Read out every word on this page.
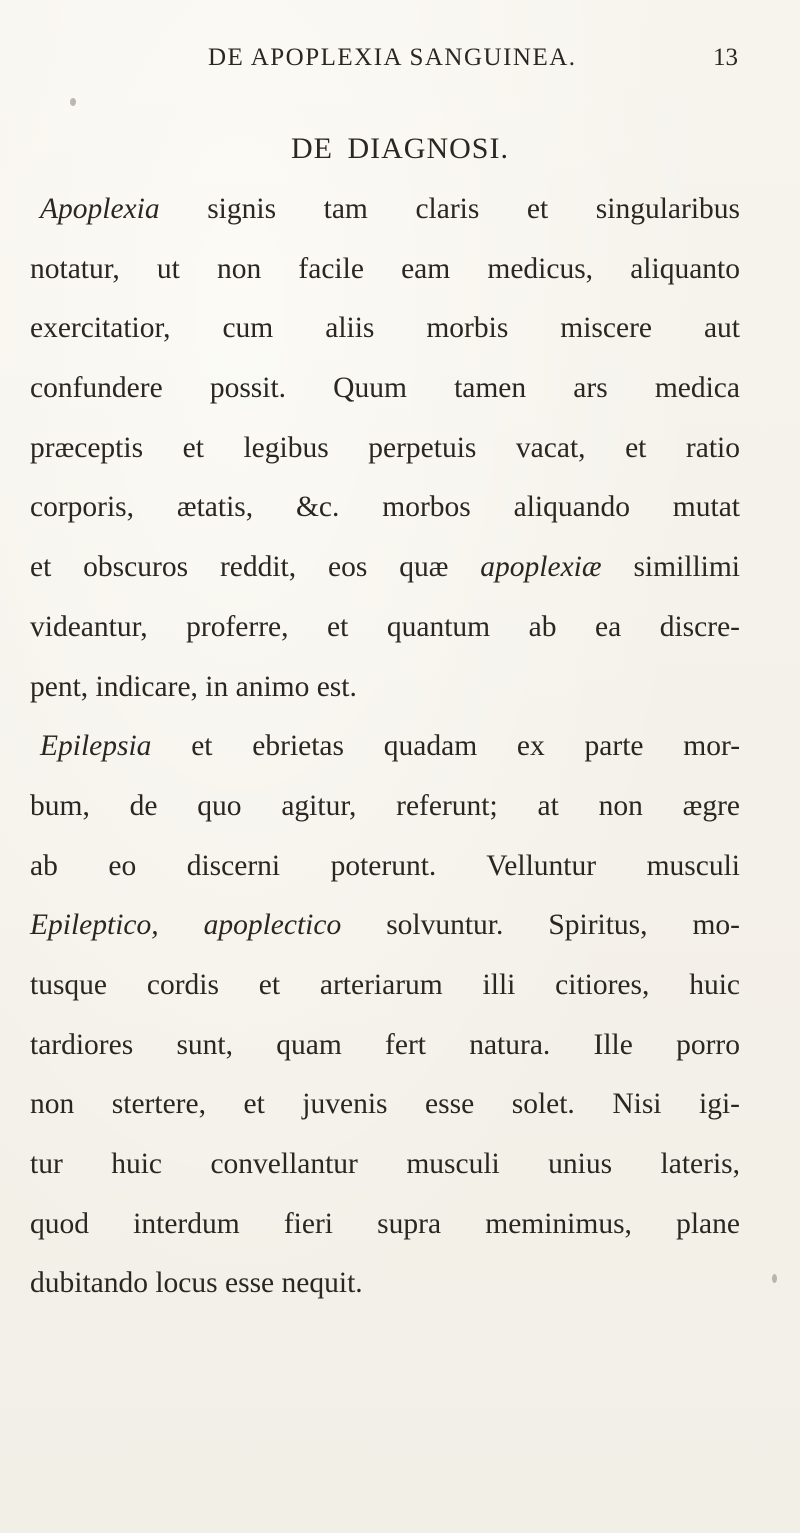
DE APOPLEXIA SANGUINEA.	13
DE DIAGNOSI.
Apoplexia signis tam claris et singularibus
notatur, ut non facile eam medicus, aliquanto
exercitatior, cum aliis morbis miscere aut
confundere possit. Quum tamen ars medica
præceptis et legibus perpetuis vacat, et ratio
corporis, ætatis, &c. morbos aliquando mutat
et obscuros reddit, eos quæ apoplexiæ simillimi
videantur, proferre, et quantum ab ea discre-
pent, indicare, in animo est.
Epilepsia et ebrietas quadam ex parte mor-
bum, de quo agitur, referunt; at non ægre
ab eo discerni poterunt. Velluntur musculi
Epileptico, apoplectico solvuntur. Spiritus, mo-
tusque cordis et arteriarum illi citiores, huic
tardiores sunt, quam fert natura. Ille porro
non stertere, et juvenis esse solet. Nisi igi-
tur huic convellantur musculi unius lateris,
quod interdum fieri supra meminimus, plane
dubitando locus esse nequit.
